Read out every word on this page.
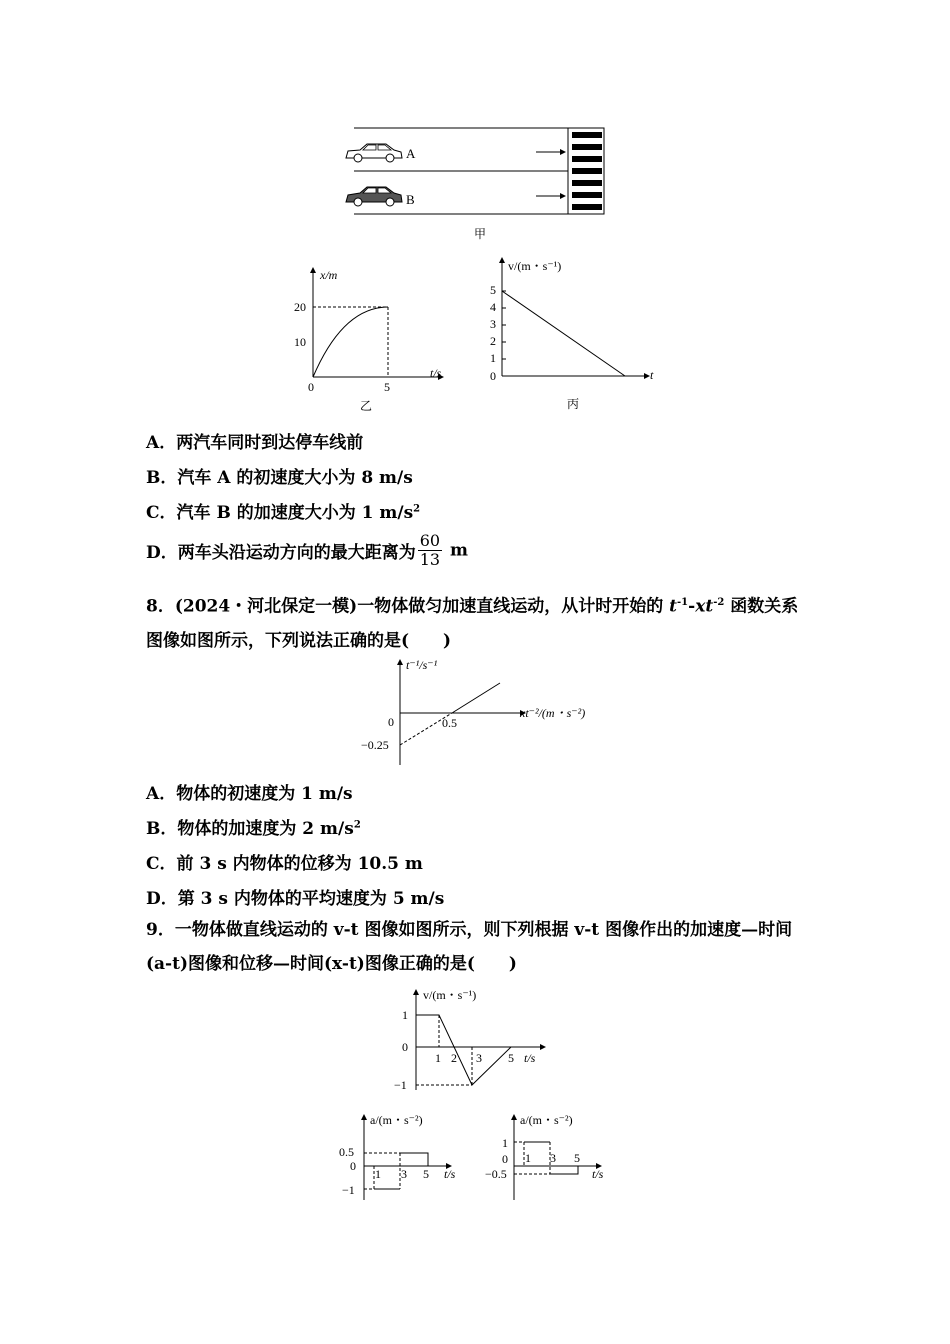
A
B
甲
x/m
t/s
0
20
10
5
乙
v/(m・s⁻¹)
t
5
4
3
2
1
0
丙
A．两汽车同时到达停车线前
B．汽车 A 的初速度大小为 8 m/s
C．汽车 B 的加速度大小为 1 $m/s^2$
D．两车头沿运动方向的最大距离为 $\frac{60}{13}$ m
8．(2024・河北保定一模)一物体做匀加速直线运动，从计时开始的 $t^{-1}-xt^{-2}$ 函数关系图像如图所示，下列说法正确的是(　　)
t⁻¹/s⁻¹
xt⁻²/(m・s⁻²)
0	0.5
−0.25
A．物体的初速度为 1 m/s
B．物体的加速度为 2 $m/s^2$
C．前 3 s 内物体的位移为 10.5 m
D．第 3 s 内物体的平均速度为 5 m/s
9．一物体做直线运动的 v-t 图像如图所示，则下列根据 v-t 图像作出的加速度—时间(a-t)图像和位移—时间(x-t)图像正确的是(　　)
v/(m・s⁻¹)
t/s
1
0
−1
1 2 3 5
a/(m・s⁻²)
t/s
0.5
0
−1
1 3 5
a/(m・s⁻²)
t/s
1
0
−0.5
1 3 5
